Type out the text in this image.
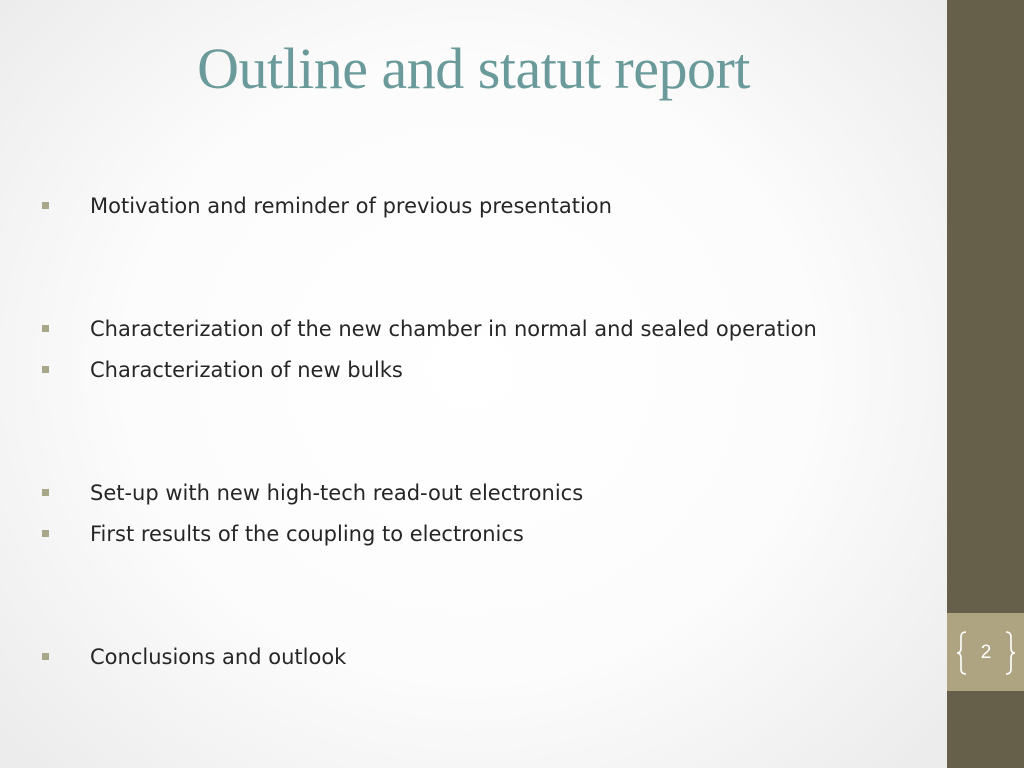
Outline and statut report
Motivation and reminder of previous presentation
Characterization of the new chamber in normal and sealed operation
Characterization of new bulks
Set-up with new high-tech read-out electronics
First results of the coupling to electronics
Conclusions and outlook	2
